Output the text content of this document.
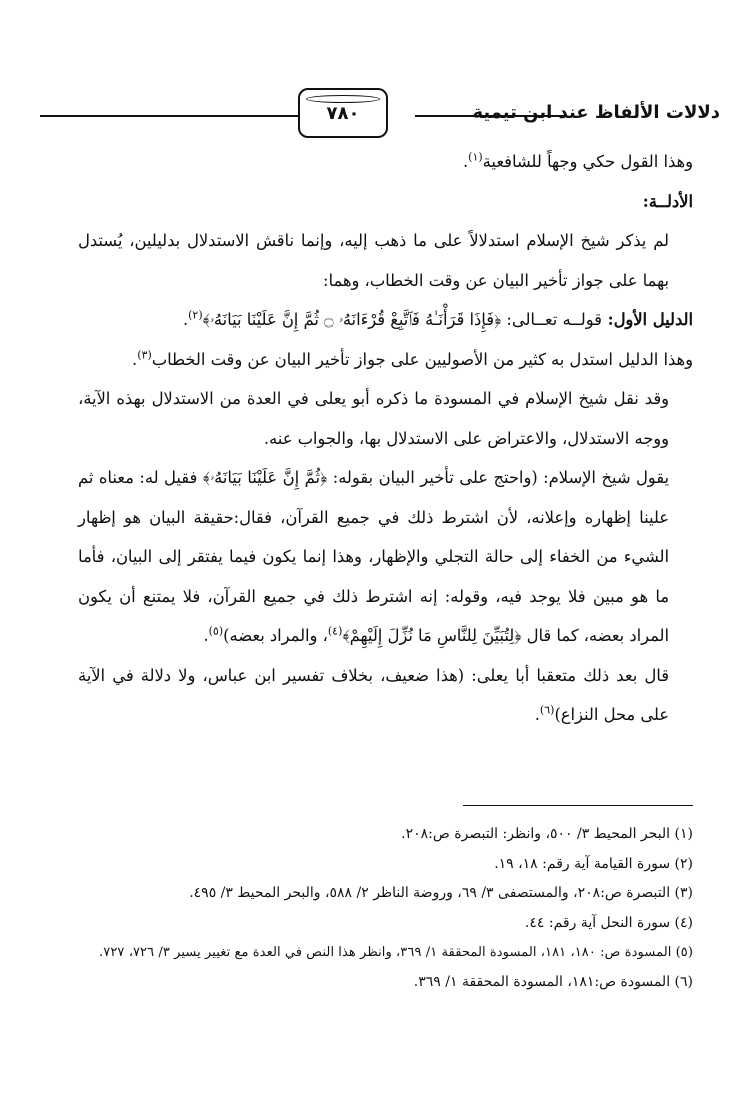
٧٨٠	دلالات الألفاظ عند ابن تيمية

وهذا القول حكي وجهاً للشافعية$^{(١)}$.

الأدلــة:

لم يذكر شيخ الإسلام استدلالاً على ما ذهب إليه، وإنما ناقش الاستدلال بدليلين، يُستدل بهما على جواز تأخير البيان عن وقت الخطاب، وهما:

الدليل الأول: قولــه تعــالى: ﴿فَإِذَا قَرَأْنَـٰهُ فَٱتَّبِعْ قُرْءَانَهُۥ ۝ ثُمَّ إِنَّ عَلَيْنَا بَيَانَهُۥ﴾$^{(٢)}$.

وهذا الدليل استدل به كثير من الأصوليين على جواز تأخير البيان عن وقت الخطاب$^{(٣)}$.

وقد نقل شيخ الإسلام في المسودة ما ذكره أبو يعلى في العدة من الاستدلال بهذه الآية، ووجه الاستدلال، والاعتراض على الاستدلال بها، والجواب عنه.

يقول شيخ الإسلام: (واحتج على تأخير البيان بقوله: ﴿ثُمَّ إِنَّ عَلَيْنَا بَيَانَهُۥ﴾ فقيل له: معناه ثم علينا إظهاره وإعلانه، لأن اشترط ذلك في جميع القرآن، فقال:حقيقة البيان هو إظهار الشيء من الخفاء إلى حالة التجلي والإظهار، وهذا إنما يكون فيما يفتقر إلى البيان، فأما ما هو مبين فلا يوجد فيه، وقوله: إنه اشترط ذلك في جميع القرآن، فلا يمتنع أن يكون المراد بعضه، كما قال ﴿لِتُبَيِّنَ لِلنَّاسِ مَا نُزِّلَ إِلَيْهِمْ﴾$^{(٤)}$، والمراد بعضه)$^{(٥)}$.

قال بعد ذلك متعقبا أبا يعلى: (هذا ضعيف، بخلاف تفسير ابن عباس، ولا دلالة في الآية على محل النزاع)$^{(٦)}$.

(١) البحر المحيط ٣/ ٥٠٠، وانظر: التبصرة ص:٢٠٨.
(٢) سورة القيامة آية رقم: ١٨، ١٩.
(٣) التبصرة ص:٢٠٨، والمستصفى ٣/ ٦٩، وروضة الناظر ٢/ ٥٨٨، والبحر المحيط ٣/ ٤٩٥.
(٤) سورة النحل آية رقم: ٤٤.
(٥) المسودة ص: ١٨٠، ١٨١، المسودة المحققة ١/ ٣٦٩، وانظر هذا النص في العدة مع تغيير يسير ٣/ ٧٢٦، ٧٢٧.
(٦) المسودة ص:١٨١، المسودة المحققة ١/ ٣٦٩.
